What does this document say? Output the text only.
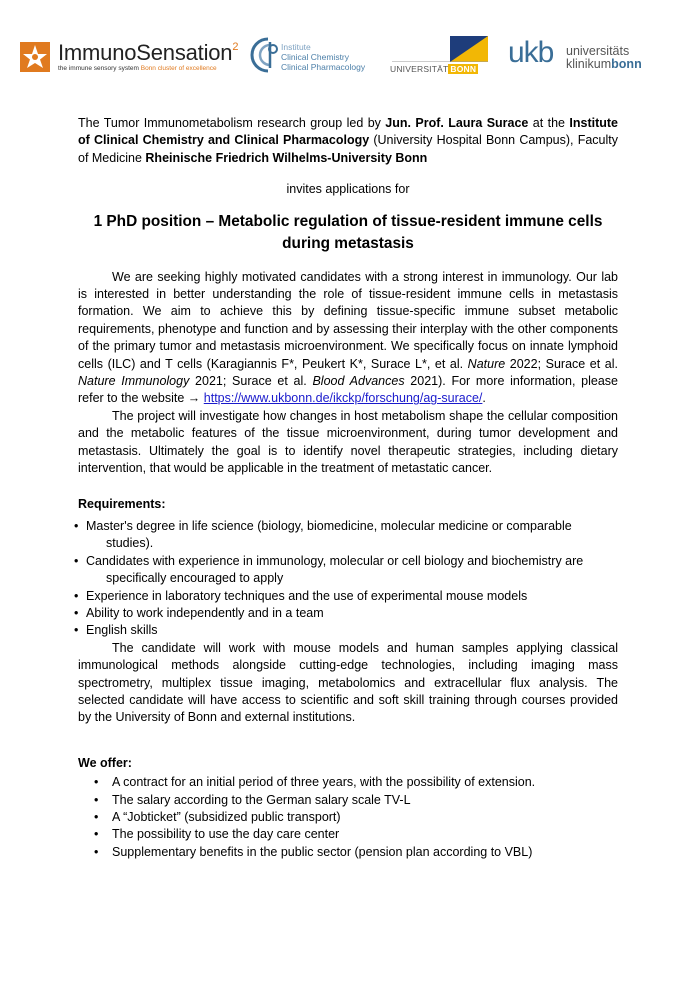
ImmunoSensation$^2$
the immune sensory system Bonn cluster of excellence
Institute
Clinical Chemistry
Clinical Pharmacology	UNIVERSITÄT BONN ukb universitäts
klinikumbonn

The Tumor Immunometabolism research group led by Jun. Prof. Laura Surace at the Institute of Clinical Chemistry and Clinical Pharmacology (University Hospital Bonn Campus), Faculty of Medicine Rheinische Friedrich Wilhelms-University Bonn

invites applications for

1 PhD position – Metabolic regulation of tissue-resident immune cells during metastasis

We are seeking highly motivated candidates with a strong interest in immunology. Our lab is interested in better understanding the role of tissue-resident immune cells in metastasis formation. We aim to achieve this by defining tissue-specific immune subset metabolic requirements, phenotype and function and by assessing their interplay with the other components of the primary tumor and metastasis microenvironment. We specifically focus on innate lymphoid cells (ILC) and T cells (Karagiannis F*, Peukert K*, Surace L*, et al. Nature 2022; Surace et al. Nature Immunology 2021; Surace et al. Blood Advances 2021). For more information, please refer to the website → https://www.ukbonn.de/ikckp/forschung/ag-surace/.

The project will investigate how changes in host metabolism shape the cellular composition and the metabolic features of the tissue microenvironment, during tumor development and metastasis. Ultimately the goal is to identify novel therapeutic strategies, including dietary intervention, that would be applicable in the treatment of metastatic cancer.

Requirements:
• Master's degree in life science (biology, biomedicine, molecular medicine or comparable
studies).
• Candidates with experience in immunology, molecular or cell biology and biochemistry are
specifically encouraged to apply
• Experience in laboratory techniques and the use of experimental mouse models
• Ability to work independently and in a team
• English skills

The candidate will work with mouse models and human samples applying classical immunological methods alongside cutting-edge technologies, including imaging mass spectrometry, multiplex tissue imaging, metabolomics and extracellular flux analysis. The selected candidate will have access to scientific and soft skill training through courses provided by the University of Bonn and external institutions.

We offer:
• A contract for an initial period of three years, with the possibility of extension.
• The salary according to the German salary scale TV-L
• A “Jobticket” (subsidized public transport)
• The possibility to use the day care center
• Supplementary benefits in the public sector (pension plan according to VBL)
